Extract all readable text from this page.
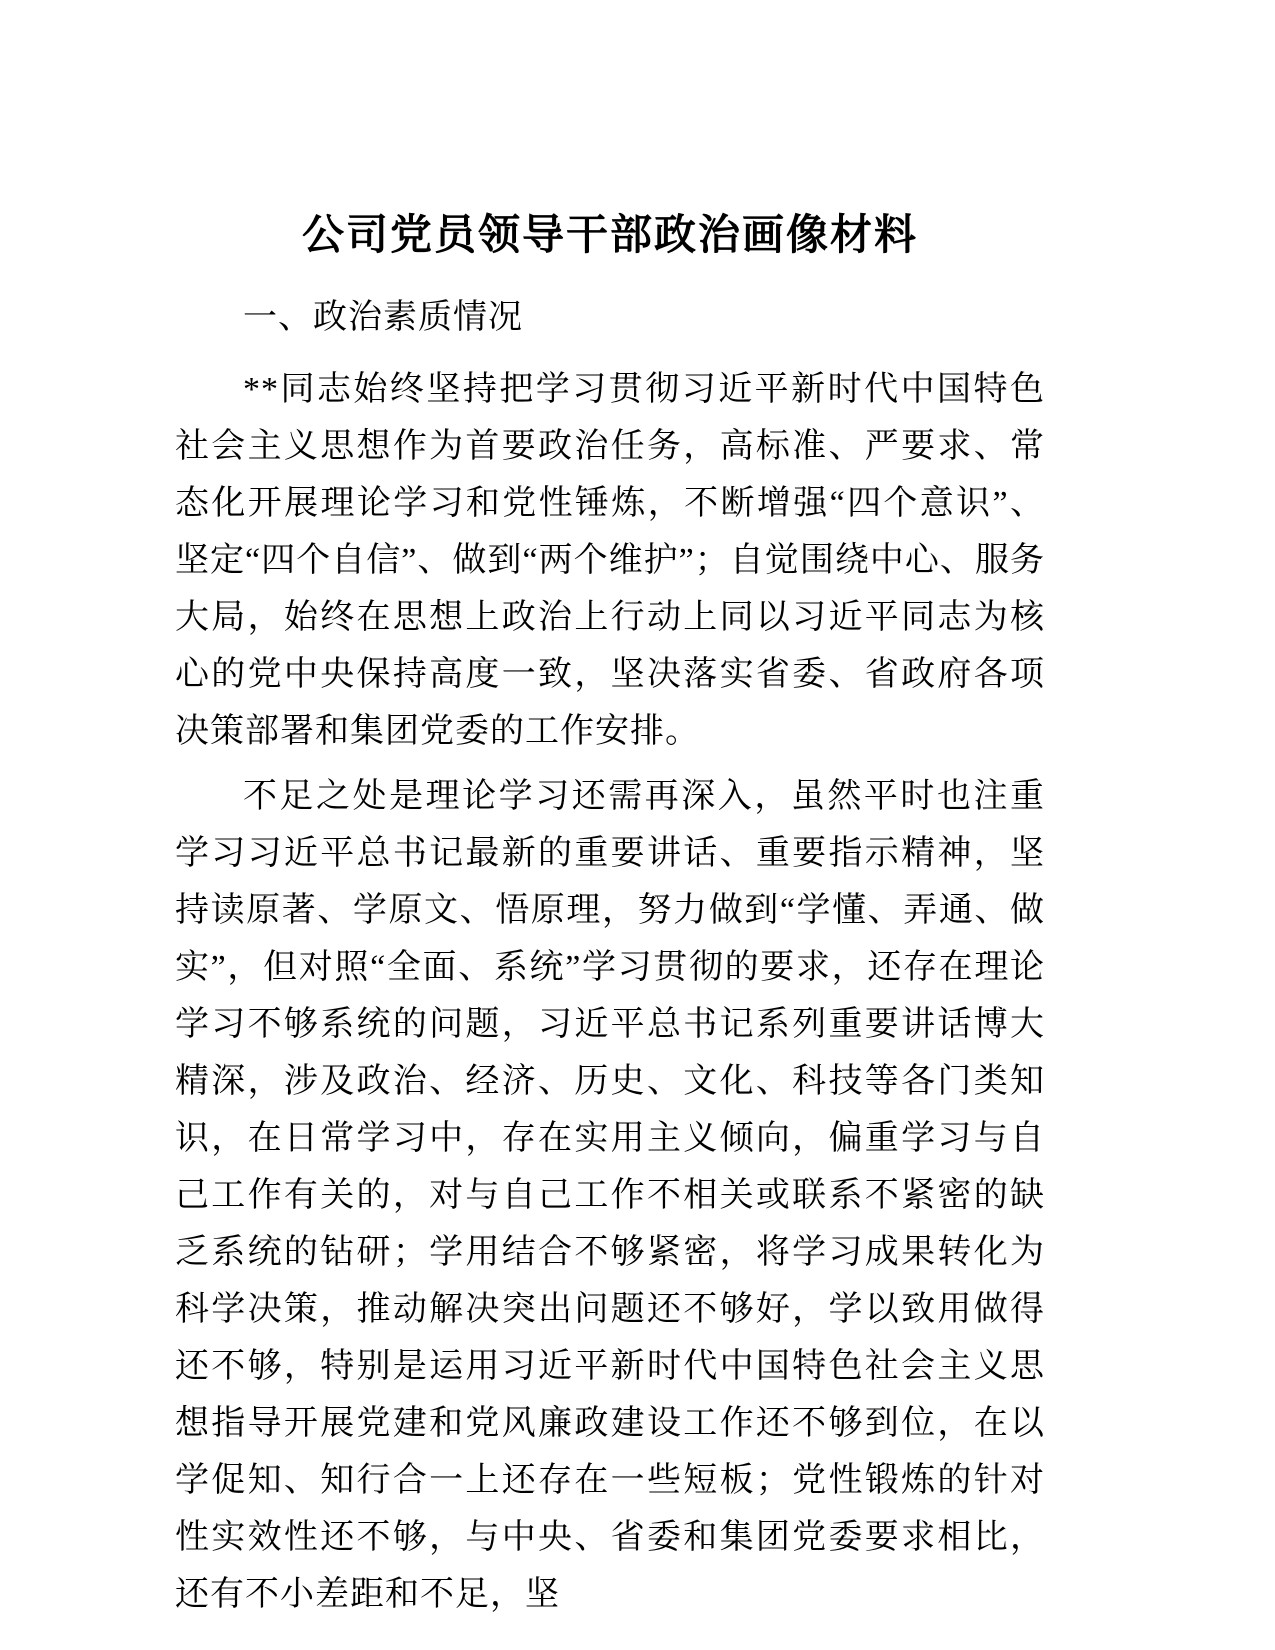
公司党员领导干部政治画像材料
一、政治素质情况

**同志始终坚持把学习贯彻习近平新时代中国特色社会主义思想作为首要政治任务，高标准、严要求、常态化开展理论学习和党性锤炼，不断增强“四个意识”、坚定“四个自信”、做到“两个维护”；自觉围绕中心、服务大局，始终在思想上政治上行动上同以习近平同志为核心的党中央保持高度一致，坚决落实省委、省政府各项决策部署和集团党委的工作安排。

不足之处是理论学习还需再深入，虽然平时也注重学习习近平总书记最新的重要讲话、重要指示精神，坚持读原著、学原文、悟原理，努力做到“学懂、弄通、做实”，但对照“全面、系统”学习贯彻的要求，还存在理论学习不够系统的问题，习近平总书记系列重要讲话博大精深，涉及政治、经济、历史、文化、科技等各门类知识，在日常学习中，存在实用主义倾向，偏重学习与自己工作有关的，对与自己工作不相关或联系不紧密的缺乏系统的钻研；学用结合不够紧密，将学习成果转化为科学决策，推动解决突出问题还不够好，学以致用做得还不够，特别是运用习近平新时代中国特色社会主义思想指导开展党建和党风廉政建设工作还不够到位，在以学促知、知行合一上还存在一些短板；党性锻炼的针对性实效性还不够，与中央、省委和集团党委要求相比，还有不小差距和不足，坚
